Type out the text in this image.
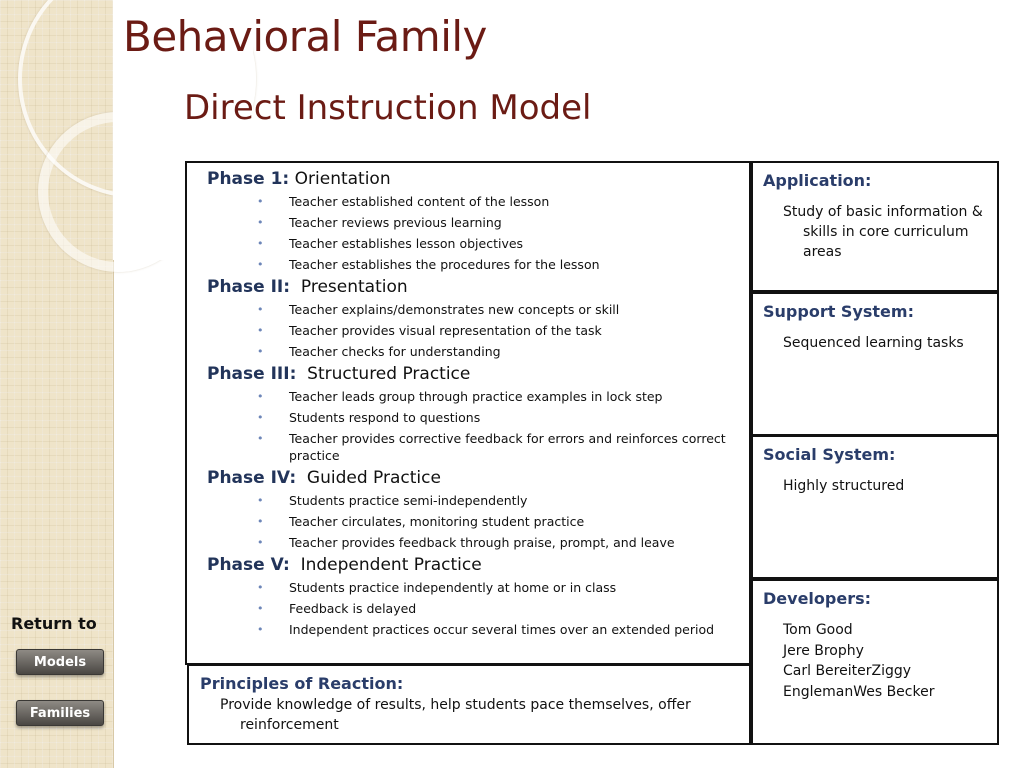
Behavioral Family
Direct Instruction Model
Phase 1: Orientation
• Teacher established content of the lesson
• Teacher reviews previous learning
• Teacher establishes lesson objectives
• Teacher establishes the procedures for the lesson
Phase II:  Presentation
• Teacher explains/demonstrates new concepts or skill
• Teacher provides visual representation of the task
• Teacher checks for understanding
Phase III:  Structured Practice
• Teacher leads group through practice examples in lock step
• Students respond to questions
• Teacher provides corrective feedback for errors and reinforces correct practice
Phase IV:  Guided Practice
• Students practice semi-independently
• Teacher circulates, monitoring student practice
• Teacher provides feedback through praise, prompt, and leave
Phase V:  Independent Practice
• Students practice independently at home or in class
• Feedback is delayed
• Independent practices occur several times over an extended period
Principles of Reaction:
Provide knowledge of results, help students pace themselves, offer reinforcement
Application:
Study of basic information & skills in core curriculum areas
Support System:
Sequenced learning tasks
Social System:
Highly structured
Developers:
Tom Good
Jere Brophy
Carl BereiterZiggy
EnglemanWes Becker
Return to
Models
Families
